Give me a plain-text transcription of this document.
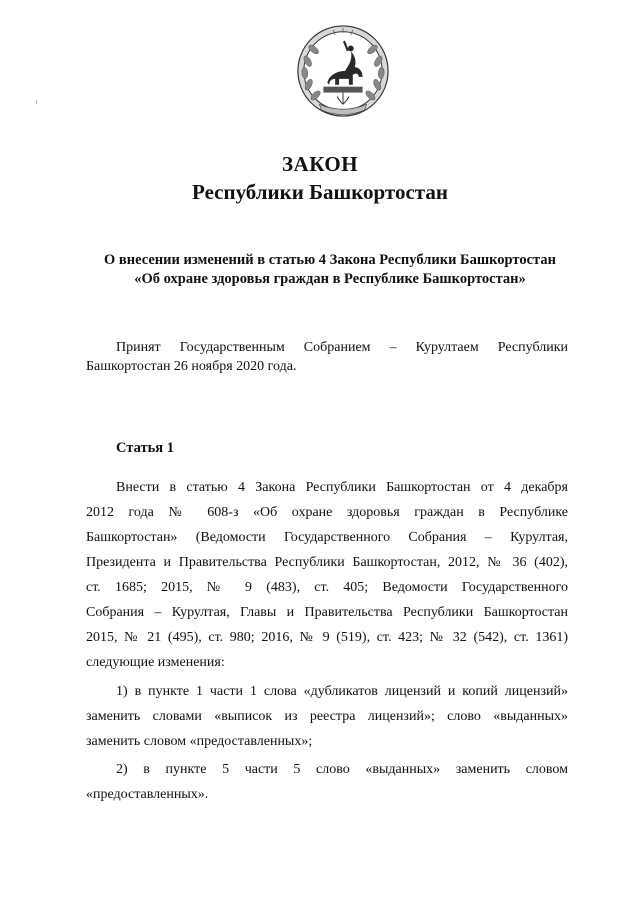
ЗАКОН
Республики Башкортостан
О внесении изменений в статью 4 Закона Республики Башкортостан
«Об охране здоровья граждан в Республике Башкортостан»
Принят Государственным Собранием – Курултаем Республики
Башкортостан 26 ноября 2020 года.
Статья 1
Внести в статью 4 Закона Республики Башкортостан от 4 декабря
2012 года № 608-з «Об охране здоровья граждан в Республике
Башкортостан» (Ведомости Государственного Собрания – Курултая,
Президента и Правительства Республики Башкортостан, 2012, № 36 (402),
ст. 1685; 2015, № 9 (483), ст. 405; Ведомости Государственного
Собрания – Курултая, Главы и Правительства Республики Башкортостан
2015, № 21 (495), ст. 980; 2016, № 9 (519), ст. 423; № 32 (542), ст. 1361)
следующие изменения:
1) в пункте 1 части 1 слова «дубликатов лицензий и копий лицензий»
заменить словами «выписок из реестра лицензий»; слово «выданных»
заменить словом «предоставленных»;
2) в пункте 5 части 5 слово «выданных» заменить словом
«предоставленных».
